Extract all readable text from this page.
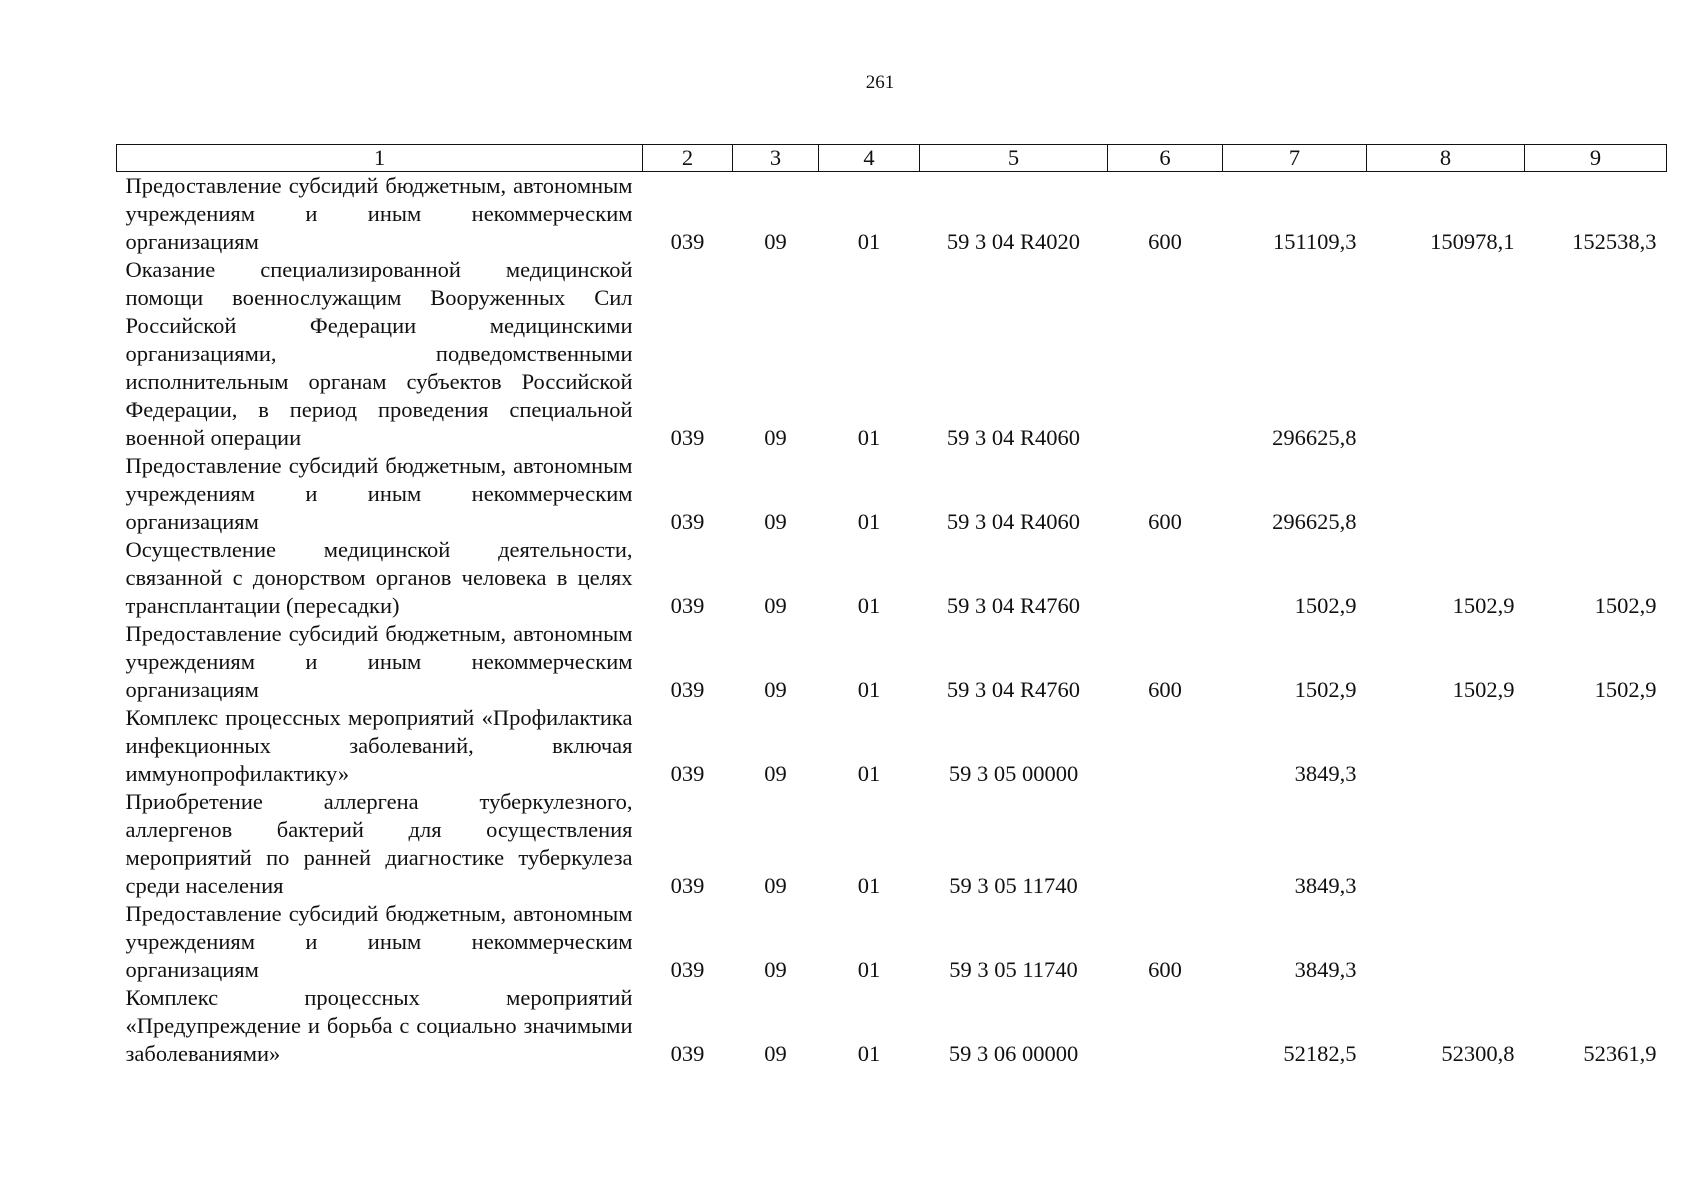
261
1	2	3	4	5	6	7	8	9
Предоставление субсидий бюджетным, автономным учреждениям и иным некоммерческим организациям	039	09	01	59 3 04 R4020	600	151109,3	150978,1	152538,3
Оказание специализированной медицинской помощи военнослужащим Вооруженных Сил Российской Федерации медицинскими организациями, подведомственными исполнительным органам субъектов Российской Федерации, в период проведения специальной военной операции	039	09	01	59 3 04 R4060		296625,8		
Предоставление субсидий бюджетным, автономным учреждениям и иным некоммерческим организациям	039	09	01	59 3 04 R4060	600	296625,8		
Осуществление медицинской деятельности, связанной с донорством органов человека в целях трансплантации (пересадки)	039	09	01	59 3 04 R4760		1502,9	1502,9	1502,9
Предоставление субсидий бюджетным, автономным учреждениям и иным некоммерческим организациям	039	09	01	59 3 04 R4760	600	1502,9	1502,9	1502,9
Комплекс процессных мероприятий «Профилактика инфекционных заболеваний, включая иммунопрофилактику»	039	09	01	59 3 05 00000		3849,3		
Приобретение аллергена туберкулезного, аллергенов бактерий для осуществления мероприятий по ранней диагностике туберкулеза среди населения	039	09	01	59 3 05 11740		3849,3		
Предоставление субсидий бюджетным, автономным учреждениям и иным некоммерческим организациям	039	09	01	59 3 05 11740	600	3849,3		
Комплекс процессных мероприятий «Предупреждение и борьба с социально значимыми заболеваниями»	039	09	01	59 3 06 00000		52182,5	52300,8	52361,9
